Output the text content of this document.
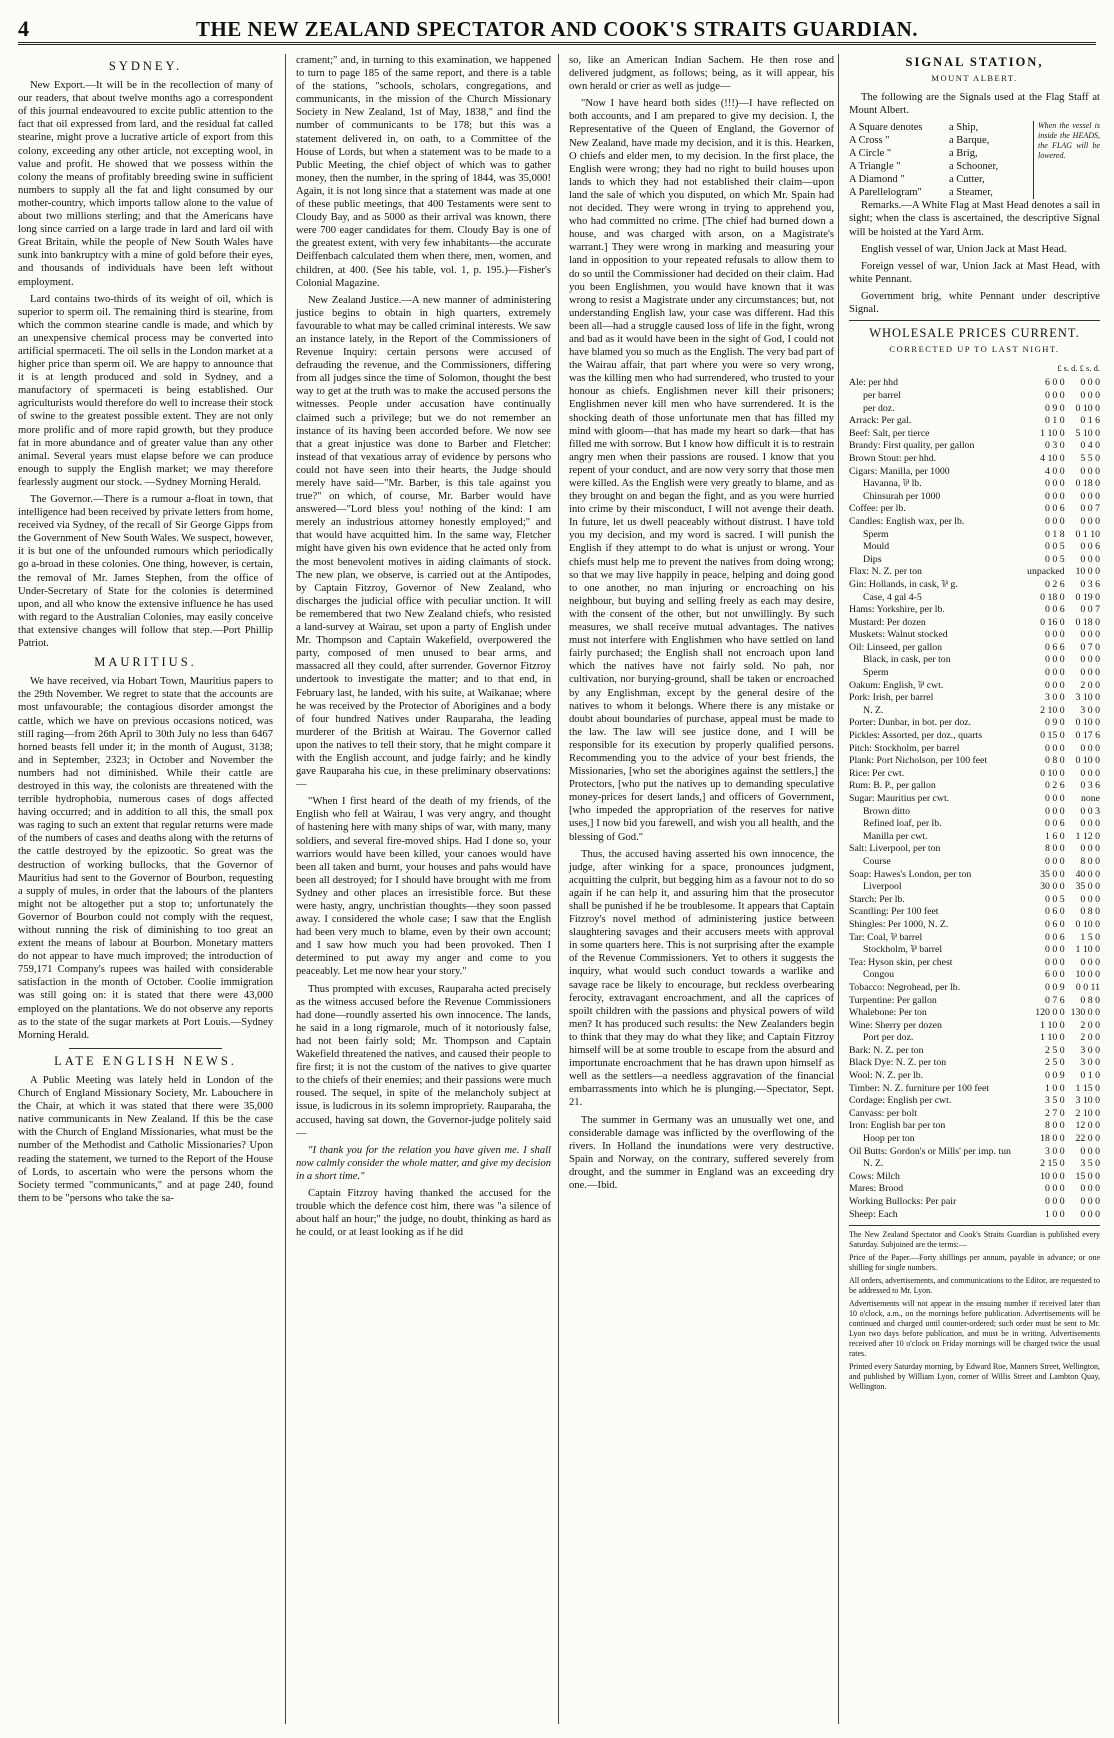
4	THE NEW ZEALAND SPECTATOR AND COOK'S STRAITS GUARDIAN.
SYDNEY.

New Export.—It will be in the recollection of many of our readers, that about twelve months ago a correspondent of this journal endeavoured to excite public attention to the fact that oil expressed from lard, and the residual fat called stearine, might prove a lucrative article of export from this colony, exceeding any other article, not excepting wool, in value and profit. He showed that we possess within the colony the means of profitably breeding swine in sufficient numbers to supply all the fat and light consumed by our mother-country, which imports tallow alone to the value of about two millions sterling; and that the Americans have long since carried on a large trade in lard and lard oil with Great Britain, while the people of New South Wales have sunk into bankruptcy with a mine of gold before their eyes, and thousands of individuals have been left without employment.

Lard contains two-thirds of its weight of oil, which is superior to sperm oil. The remaining third is stearine, from which the common stearine candle is made, and which by an unexpensive chemical process may be converted into artificial spermaceti. The oil sells in the London market at a higher price than sperm oil. We are happy to announce that it is at length produced and sold in Sydney, and a manufactory of spermaceti is being established. Our agriculturists would therefore do well to increase their stock of swine to the greatest possible extent. They are not only more prolific and of more rapid growth, but they produce fat in more abundance and of greater value than any other animal. Several years must elapse before we can produce enough to supply the English market; we may therefore fearlessly augment our stock. —Sydney Morning Herald.

The Governor.—There is a rumour a-float in town, that intelligence had been received by private letters from home, received via Sydney, of the recall of Sir George Gipps from the Government of New South Wales. We suspect, however, it is but one of the unfounded rumours which periodically go a-broad in these colonies. One thing, however, is certain, the removal of Mr. James Stephen, from the office of Under-Secretary of State for the colonies is determined upon, and all who know the extensive influence he has used with regard to the Australian Colonies, may easily conceive that extensive changes will follow that step.—Port Phillip Patriot.

MAURITIUS.

We have received, via Hobart Town, Mauritius papers to the 29th November. We regret to state that the accounts are most unfavourable; the contagious disorder amongst the cattle, which we have on previous occasions noticed, was still raging—from 26th April to 30th July no less than 6467 horned beasts fell under it; in the month of August, 3138; and in September, 2323; in October and November the numbers had not diminished. While their cattle are destroyed in this way, the colonists are threatened with the terrible hydrophobia, numerous cases of dogs affected having occurred; and in addition to all this, the small pox was raging to such an extent that regular returns were made of the numbers of cases and deaths along with the returns of the cattle destroyed by the epizootic. So great was the destruction of working bullocks, that the Governor of Mauritius had sent to the Governor of Bourbon, requesting a supply of mules, in order that the labours of the planters might not be altogether put a stop to; unfortunately the Governor of Bourbon could not comply with the request, without running the risk of diminishing to too great an extent the means of labour at Bourbon. Monetary matters do not appear to have much improved; the introduction of 759,171 Company's rupees was hailed with considerable satisfaction in the month of October. Coolie immigration was still going on: it is stated that there were 43,000 employed on the plantations. We do not observe any reports as to the state of the sugar markets at Port Louis.—Sydney Morning Herald.

LATE ENGLISH NEWS.

A Public Meeting was lately held in London of the Church of England Missionary Society, Mr. Labouchere in the Chair, at which it was stated that there were 35,000 native communicants in New Zealand. If this be the case with the Church of England Missionaries, what must be the number of the Methodist and Catholic Missionaries? Upon reading the statement, we turned to the Report of the House of Lords, to ascertain who were the persons whom the Society termed "communicants," and at page 240, found them to be "persons who take the sa-

crament;" and, in turning to this examination, we happened to turn to page 185 of the same report, and there is a table of the stations, "schools, scholars, congregations, and communicants, in the mission of the Church Missionary Society in New Zealand, 1st of May, 1838," and find the number of communicants to be 178; but this was a statement delivered in, on oath, to a Committee of the House of Lords, but when a statement was to be made to a Public Meeting, the chief object of which was to gather money, then the number, in the spring of 1844, was 35,000! Again, it is not long since that a statement was made at one of these public meetings, that 400 Testaments were sent to Cloudy Bay, and as 5000 as their arrival was known, there were 700 eager candidates for them. Cloudy Bay is one of the greatest extent, with very few inhabitants—the accurate Deiffenbach calculated them when there, men, women, and children, at 400. (See his table, vol. 1, p. 195.)—Fisher's Colonial Magazine.

New Zealand Justice.—A new manner of administering justice begins to obtain in high quarters, extremely favourable to what may be called criminal interests. We saw an instance lately, in the Report of the Commissioners of Revenue Inquiry: certain persons were accused of defrauding the revenue, and the Commissioners, differing from all judges since the time of Solomon, thought the best way to get at the truth was to make the accused persons the witnesses. People under accusation have continually claimed such a privilege; but we do not remember an instance of its having been accorded before. We now see that a great injustice was done to Barber and Fletcher: instead of that vexatious array of evidence by persons who could not have seen into their hearts, the Judge should merely have said—"Mr. Barber, is this tale against you true?" on which, of course, Mr. Barber would have answered—"Lord bless you! nothing of the kind: I am merely an industrious attorney honestly employed;" and that would have acquitted him. In the same way, Fletcher might have given his own evidence that he acted only from the most benevolent motives in aiding claimants of stock. The new plan, we observe, is carried out at the Antipodes, by Captain Fitzroy, Governor of New Zealand, who discharges the judicial office with peculiar unction. It will be remembered that two New Zealand chiefs, who resisted a land-survey at Wairau, set upon a party of English under Mr. Thompson and Captain Wakefield, overpowered the party, composed of men unused to bear arms, and massacred all they could, after surrender. Governor Fitzroy undertook to investigate the matter; and to that end, in February last, he landed, with his suite, at Waikanae; where he was received by the Protector of Aborigines and a body of four hundred Natives under Rauparaha, the leading murderer of the British at Wairau. The Governor called upon the natives to tell their story, that he might compare it with the English account, and judge fairly; and he kindly gave Rauparaha his cue, in these preliminary observations:—

"When I first heard of the death of my friends, of the English who fell at Wairau, I was very angry, and thought of hastening here with many ships of war, with many, many soldiers, and several fire-moved ships. Had I done so, your warriors would have been killed, your canoes would have been all taken and burnt, your houses and pahs would have been all destroyed; for I should have brought with me from Sydney and other places an irresistible force. But these were hasty, angry, unchristian thoughts—they soon passed away. I considered the whole case; I saw that the English had been very much to blame, even by their own account; and I saw how much you had been provoked. Then I determined to put away my anger and come to you peaceably. Let me now hear your story."

Thus prompted with excuses, Rauparaha acted precisely as the witness accused before the Revenue Commissioners had done—roundly asserted his own innocence. The lands, he said in a long rigmarole, much of it notoriously false, had not been fairly sold; Mr. Thompson and Captain Wakefield threatened the natives, and caused their people to fire first; it is not the custom of the natives to give quarter to the chiefs of their enemies; and their passions were much roused. The sequel, in spite of the melancholy subject at issue, is ludicrous in its solemn impropriety. Rauparaha, the accused, having sat down, the Governor-judge politely said—

"I thank you for the relation you have given me. I shall now calmly consider the whole matter, and give my decision in a short time."

Captain Fitzroy having thanked the accused for the trouble which the defence cost him, there was "a silence of about half an hour;" the judge, no doubt, thinking as hard as he could, or at least looking as if he did

so, like an American Indian Sachem. He then rose and delivered judgment, as follows; being, as it will appear, his own herald or crier as well as judge—

"Now I have heard both sides (!!!)—I have reflected on both accounts, and I am prepared to give my decision. I, the Representative of the Queen of England, the Governor of New Zealand, have made my decision, and it is this. Hearken, O chiefs and elder men, to my decision. In the first place, the English were wrong; they had no right to build houses upon lands to which they had not established their claim—upon land the sale of which you disputed, on which Mr. Spain had not decided. They were wrong in trying to apprehend you, who had committed no crime. [The chief had burned down a house, and was charged with arson, on a Magistrate's warrant.] They were wrong in marking and measuring your land in opposition to your repeated refusals to allow them to do so until the Commissioner had decided on their claim. Had you been Englishmen, you would have known that it was wrong to resist a Magistrate under any circumstances; but, not understanding English law, your case was different. Had this been all—had a struggle caused loss of life in the fight, wrong and bad as it would have been in the sight of God, I could not have blamed you so much as the English. The very bad part of the Wairau affair, that part where you were so very wrong, was the killing men who had surrendered, who trusted to your honour as chiefs. Englishmen never kill their prisoners; Englishmen never kill men who have surrendered. It is the shocking death of those unfortunate men that has filled my mind with gloom—that has made my heart so dark—that has filled me with sorrow. But I know how difficult it is to restrain angry men when their passions are roused. I know that you repent of your conduct, and are now very sorry that those men were killed. As the English were very greatly to blame, and as they brought on and began the fight, and as you were hurried into crime by their misconduct, I will not avenge their death. In future, let us dwell peaceably without distrust. I have told you my decision, and my word is sacred. I will punish the English if they attempt to do what is unjust or wrong. Your chiefs must help me to prevent the natives from doing wrong; so that we may live happily in peace, helping and doing good to one another, no man injuring or encroaching on his neighbour, but buying and selling freely as each may desire, with the consent of the other, but not unwillingly. By such measures, we shall receive mutual advantages. The natives must not interfere with Englishmen who have settled on land fairly purchased; the English shall not encroach upon land which the natives have not fairly sold. No pah, nor cultivation, nor burying-ground, shall be taken or encroached by any Englishman, except by the general desire of the natives to whom it belongs. Where there is any mistake or doubt about boundaries of purchase, appeal must be made to the law. The law will see justice done, and I will be responsible for its execution by properly qualified persons. Recommending you to the advice of your best friends, the Missionaries, [who set the aborigines against the settlers,] the Protectors, [who put the natives up to demanding speculative money-prices for desert lands,] and officers of Government, [who impeded the appropriation of the reserves for native uses,] I now bid you farewell, and wish you all health, and the blessing of God."

Thus, the accused having asserted his own innocence, the judge, after winking for a space, pronounces judgment, acquitting the culprit, but begging him as a favour not to do so again if he can help it, and assuring him that the prosecutor shall be punished if he be troublesome. It appears that Captain Fitzroy's novel method of administering justice between slaughtering savages and their accusers meets with approval in some quarters here. This is not surprising after the example of the Revenue Commissioners. Yet to others it suggests the inquiry, what would such conduct towards a warlike and savage race be likely to encourage, but reckless overbearing ferocity, extravagant encroachment, and all the caprices of spoilt children with the passions and physical powers of wild men? It has produced such results: the New Zealanders begin to think that they may do what they like; and Captain Fitzroy himself will be at some trouble to escape from the absurd and importunate encroachment that he has drawn upon himself as well as the settlers—a needless aggravation of the financial embarrassments into which he is plunging.—Spectator, Sept. 21.

The summer in Germany was an unusually wet one, and considerable damage was inflicted by the overflowing of the rivers. In Holland the inundations were very destructive. Spain and Norway, on the contrary, suffered severely from drought, and the summer in England was an exceeding dry one.—Ibid.

SIGNAL STATION,
MOUNT ALBERT.

The following are the Signals used at the Flag Staff at Mount Albert.

A Square denotes	a Ship,
A Cross "	a Barque,
A Circle "	a Brig,
A Triangle "	a Schooner,
A Diamond "	a Cutter,
A Parellelogram"	a Steamer,
When the vessel is inside the HEADS, the FLAG will be lowered.

Remarks.—A White Flag at Mast Head denotes a sail in sight; when the class is ascertained, the descriptive Signal will be hoisted at the Yard Arm.

English vessel of war, Union Jack at Mast Head.

Foreign vessel of war, Union Jack at Mast Head, with white Pennant.

Government brig, white Pennant under descriptive Signal.

WHOLESALE PRICES CURRENT.
CORRECTED UP TO LAST NIGHT.
£ s. d. £ s. d.
Ale: per hhd	6 0 0	0 0 0
per barrel	0 0 0	0 0 0
per doz.	0 9 0	0 10 0
Arrack: Per gal.	0 1 0	0 1 6
Beef: Salt, per tierce	1 10 0	5 10 0
Brandy: First quality, per gallon	0 3 0	0 4 0
Brown Stout: per hhd.	4 10 0	5 5 0
Cigars: Manilla, per 1000	4 0 0	0 0 0
Havanna, ⅌ lb.	0 0 0	0 18 0
Chinsurah per 1000	0 0 0	0 0 0
Coffee: per lb.	0 0 6	0 0 7
Candles: English wax, per lb.	0 0 0	0 0 0
Sperm	0 1 8	0 1 10
Mould	0 0 5	0 0 6
Dips	0 0 5	0 0 0
Flax: N. Z. per ton	unpacked	10 0 0
Gin: Hollands, in cask, ⅌ g.	0 2 6	0 3 6
Case, 4 gal 4-5	0 18 0	0 19 0
Hams: Yorkshire, per lb.	0 0 6	0 0 7
Mustard: Per dozen	0 16 0	0 18 0
Muskets: Walnut stocked	0 0 0	0 0 0
Oil: Linseed, per gallon	0 6 6	0 7 0
Black, in cask, per ton	0 0 0	0 0 0
Sperm	0 0 0	0 0 0
Oakum: English, ⅌ cwt.	0 0 0	2 0 0
Pork: Irish, per barrel	3 0 0	3 10 0
N. Z.	2 10 0	3 0 0
Porter: Dunbar, in bot. per doz.	0 9 0	0 10 0
Pickles: Assorted, per doz., quarts	0 15 0	0 17 6
Pitch: Stockholm, per barrel	0 0 0	0 0 0
Plank: Port Nicholson, per 100 feet	0 8 0	0 10 0
Rice: Per cwt.	0 10 0	0 0 0
Rum: B. P., per gallon	0 2 6	0 3 6
Sugar: Mauritius per cwt.	0 0 0	none
Brown ditto	0 0 0	0 0 3
Refined loaf, per lb.	0 0 6	0 0 0
Manilla per cwt.	1 6 0	1 12 0
Salt: Liverpool, per ton	8 0 0	0 0 0
Course	0 0 0	8 0 0
Soap: Hawes's London, per ton	35 0 0	40 0 0
Liverpool	30 0 0	35 0 0
Starch: Per lb.	0 0 5	0 0 0
Scantling: Per 100 feet	0 6 0	0 8 0
Shingles: Per 1000, N. Z.	0 6 0	0 10 0
Tar: Coal, ⅌ barrel	0 0 6	1 5 0
Stockholm, ⅌ barrel	0 0 0	1 10 0
Tea: Hyson skin, per chest	0 0 0	0 0 0
Congou	6 0 0	10 0 0
Tobacco: Negrohead, per lb.	0 0 9	0 0 11
Turpentine: Per gallon	0 7 6	0 8 0
Whalebone: Per ton	120 0 0	130 0 0
Wine: Sherry per dozen	1 10 0	2 0 0
Port per doz.	1 10 0	2 0 0
Bark: N. Z. per ton	2 5 0	3 0 0
Black Dye: N. Z. per ton	2 5 0	3 0 0
Wool: N. Z. per lb.	0 0 9	0 1 0
Timber: N. Z. furniture per 100 feet	1 0 0	1 15 0
Cordage: English per cwt.	3 5 0	3 10 0
Canvass: per bolt	2 7 0	2 10 0
Iron: English bar per ton	8 0 0	12 0 0
Hoop per ton	18 0 0	22 0 0
Oil Butts: Gordon's or Mills' per imp. tun	3 0 0	0 0 0
N. Z.	2 15 0	3 5 0
Cows: Milch	10 0 0	15 0 0
Mares: Brood	0 0 0	0 0 0
Working Bullocks: Per pair	0 0 0	0 0 0
Sheep: Each	1 0 0	0 0 0
The New Zealand Spectator and Cook's Straits Guardian is published every Saturday. Subjoined are the terms:—
Price of the Paper.—Forty shillings per annum, payable in advance; or one shilling for single numbers.
All orders, advertisements, and communications to the Editor, are requested to be addressed to Mr. Lyon.
Advertisements will not appear in the ensuing number if received later than 10 o'clock, a.m., on the mornings before publication. Advertisements will be continued and charged until counter-ordered; such order must be sent to Mr. Lyon two days before publication, and must be in writing. Advertisements received after 10 o'clock on Friday mornings will be charged twice the usual rates.
Printed every Saturday morning, by Edward Roe, Manners Street, Wellington, and published by William Lyon, corner of Willis Street and Lambton Quay, Wellington.
